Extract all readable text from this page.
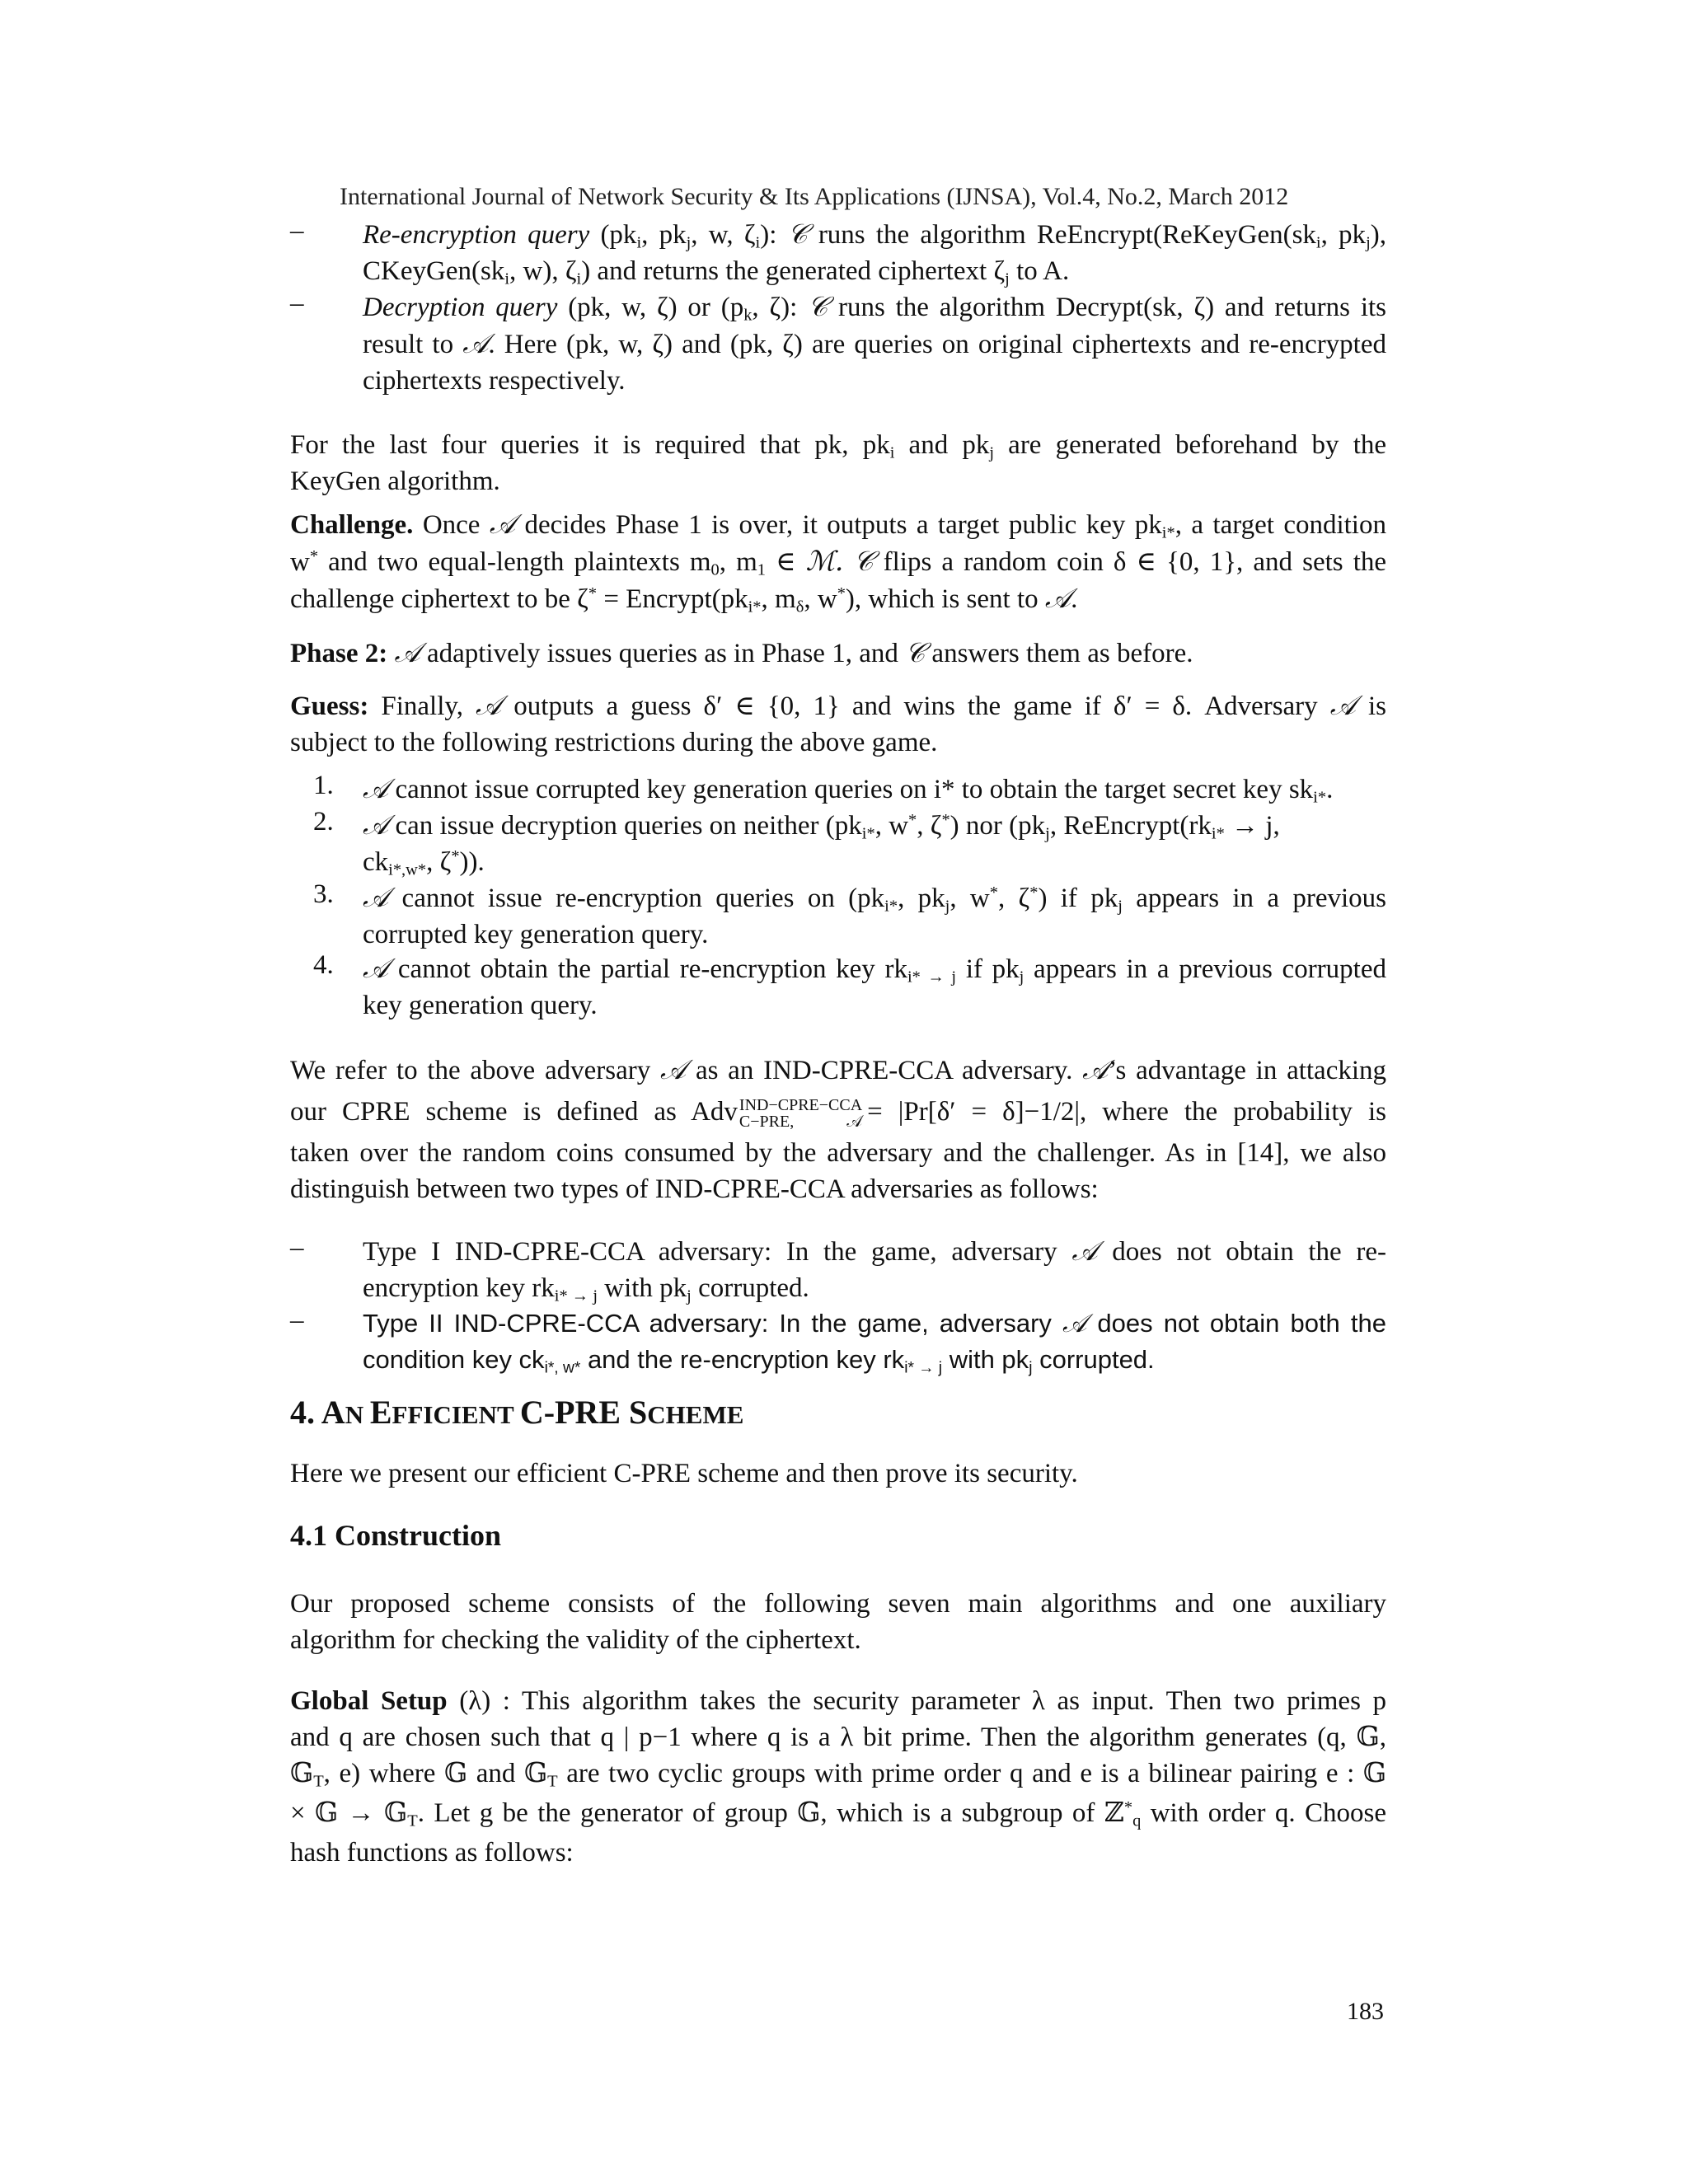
International Journal of Network Security & Its Applications (IJNSA), Vol.4, No.2, March 2012
–	Re-encryption query ($pk_i$, $pk_j$, w, $\zeta_i$): 𝒞 runs the algorithm $ReEncrypt(ReKeyGen(sk_i$, $pk_j$),
$CKeyGen(sk_i$, w), $\zeta_i$) and returns the generated ciphertext $\zeta_j$ to A.
–	Decryption query (pk, w, ζ) or ($p_k$, ζ): 𝒞 runs the algorithm Decrypt(sk, ζ) and returns its
result to 𝒜. Here (pk, w, ζ) and (pk, ζ) are queries on original ciphertexts and re-encrypted
ciphertexts respectively.
For the last four queries it is required that pk, $pk_i$ and $pk_j$ are generated beforehand by the
KeyGen algorithm.
Challenge. Once 𝒜 decides Phase 1 is over, it outputs a target public key $pk_{i*}$, a target condition
w* and two equal-length plaintexts $m_0$, $m_1$ ∈ ℳ. 𝒞 flips a random coin δ ∈ {0, 1}, and sets the
challenge ciphertext to be $\zeta^* = Encrypt(pk_{i*}$, $m_\delta$, w*), which is sent to 𝒜.
Phase 2: 𝒜 adaptively issues queries as in Phase 1, and 𝒞 answers them as before.
Guess: Finally, 𝒜 outputs a guess δ′ ∈ {0, 1} and wins the game if δ′ = δ. Adversary 𝒜 is
subject to the following restrictions during the above game.
1.	𝒜 cannot issue corrupted key generation queries on i* to obtain the target secret key $sk_{i*}$.
2.	𝒜 can issue decryption queries on neither ($pk_{i*}$, w*, ζ*) nor ($pk_j$, $ReEncrypt(rk_{i*} \to j$,
$ck_{i*,w*}$, ζ*)).
3.	𝒜 cannot issue re-encryption queries on ($pk_{i*}$, $pk_j$, w*, ζ*) if $pk_j$ appears in a previous
corrupted key generation query.
4.	𝒜 cannot obtain the partial re-encryption key $rk_{i* \to j}$ if $pk_j$ appears in a previous corrupted
key generation query.
We refer to the above adversary 𝒜 as an IND-CPRE-CCA adversary. 𝒜’s advantage in attacking
our CPRE scheme is defined as Adv IND−CPRE−CCA
C−PRE, 𝒜 = |Pr[δ′ = δ]−1/2|, where the probability is
taken over the random coins consumed by the adversary and the challenger. As in [14], we also
distinguish between two types of IND-CPRE-CCA adversaries as follows:
–	Type I IND-CPRE-CCA adversary: In the game, adversary 𝒜 does not obtain the re-
encryption key $rk_{i* \to j}$ with $pk_j$ corrupted.
–	Type II IND-CPRE-CCA adversary: In the game, adversary 𝒜 does not obtain both the
condition key $ck_{i*, w*}$ and the re-encryption key $rk_{i* \to j}$ with $pk_j$ corrupted.
4. AN EFFICIENT C-PRE SCHEME
Here we present our efficient C-PRE scheme and then prove its security.
4.1 Construction
Our proposed scheme consists of the following seven main algorithms and one auxiliary
algorithm for checking the validity of the ciphertext.
Global Setup (λ) : This algorithm takes the security parameter λ as input. Then two primes p
and q are chosen such that q | p−1 where q is a λ bit prime. Then the algorithm generates (q, 𝔾,
𝔾$_T$, e) where 𝔾 and 𝔾$_T$ are two cyclic groups with prime order q and e is a bilinear pairing e : 𝔾
× 𝔾 → 𝔾$_T$. Let g be the generator of group 𝔾, which is a subgroup of ℤ*$_q$ with order q. Choose
hash functions as follows:
183
